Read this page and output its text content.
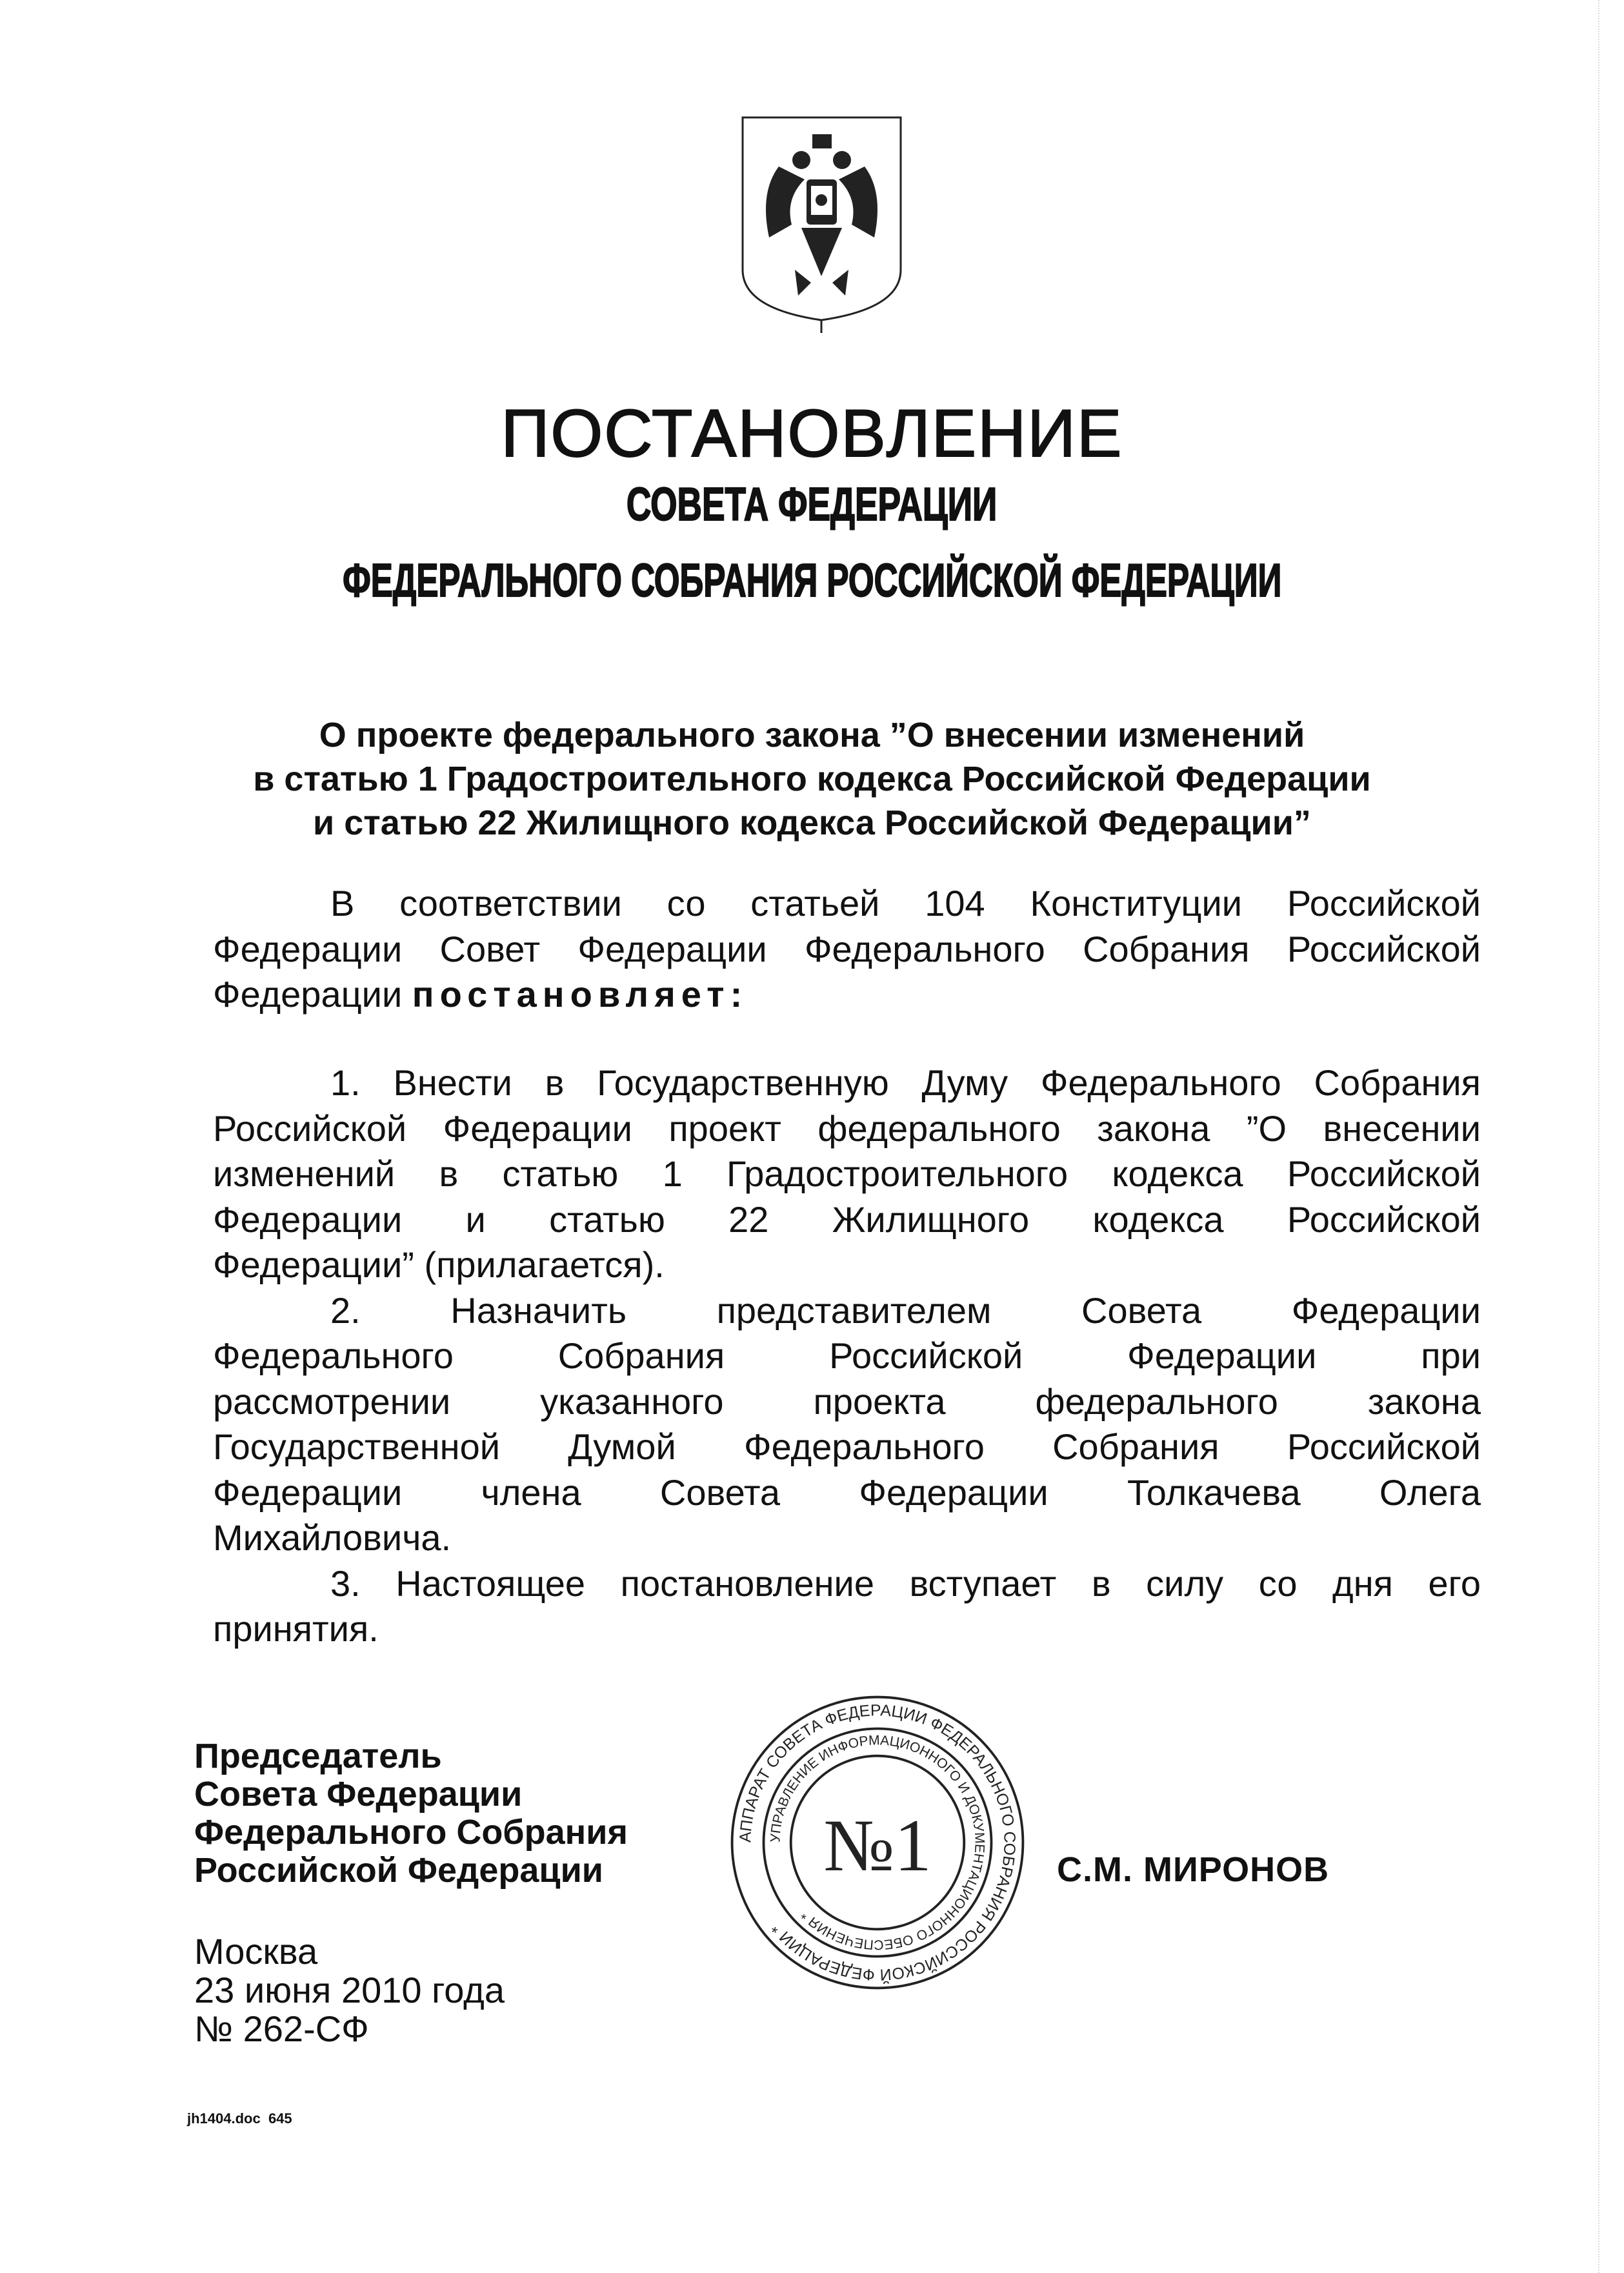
ПОСТАНОВЛЕНИЕ
СОВЕТА ФЕДЕРАЦИИ
ФЕДЕРАЛЬНОГО СОБРАНИЯ РОССИЙСКОЙ ФЕДЕРАЦИИ
О проекте федерального закона ”О внесении изменений
в статью 1 Градостроительного кодекса Российской Федерации
и статью 22 Жилищного кодекса Российской Федерации”
В соответствии со статьей 104 Конституции Российской
Федерации Совет Федерации Федерального Собрания Российской
Федерации постановляет:
1. Внести в Государственную Думу Федерального Собрания
Российской Федерации проект федерального закона ”О внесении
изменений в статью 1 Градостроительного кодекса Российской
Федерации и статью 22 Жилищного кодекса Российской
Федерации” (прилагается).
2. Назначить представителем Совета Федерации
Федерального Собрания Российской Федерации при
рассмотрении указанного проекта федерального закона
Государственной Думой Федерального Собрания Российской
Федерации члена Совета Федерации Толкачева Олега
Михайловича.
3. Настоящее постановление вступает в силу со дня его
принятия.
Председатель
Совета Федерации
Федерального Собрания
Российской Федерации	С.М. МИРОНОВ
АППАРАТ СОВЕТА ФЕДЕРАЦИИ ФЕДЕРАЛЬНОГО СОБРАНИЯ РОССИЙСКОЙ ФЕДЕРАЦИИ *
УПРАВЛЕНИЕ ИНФОРМАЦИОННОГО И ДОКУМЕНТАЦИОННОГО ОБЕСПЕЧЕНИЯ *
№1
Москва
23 июня 2010 года
№ 262-СФ
jh1404.doc  645
